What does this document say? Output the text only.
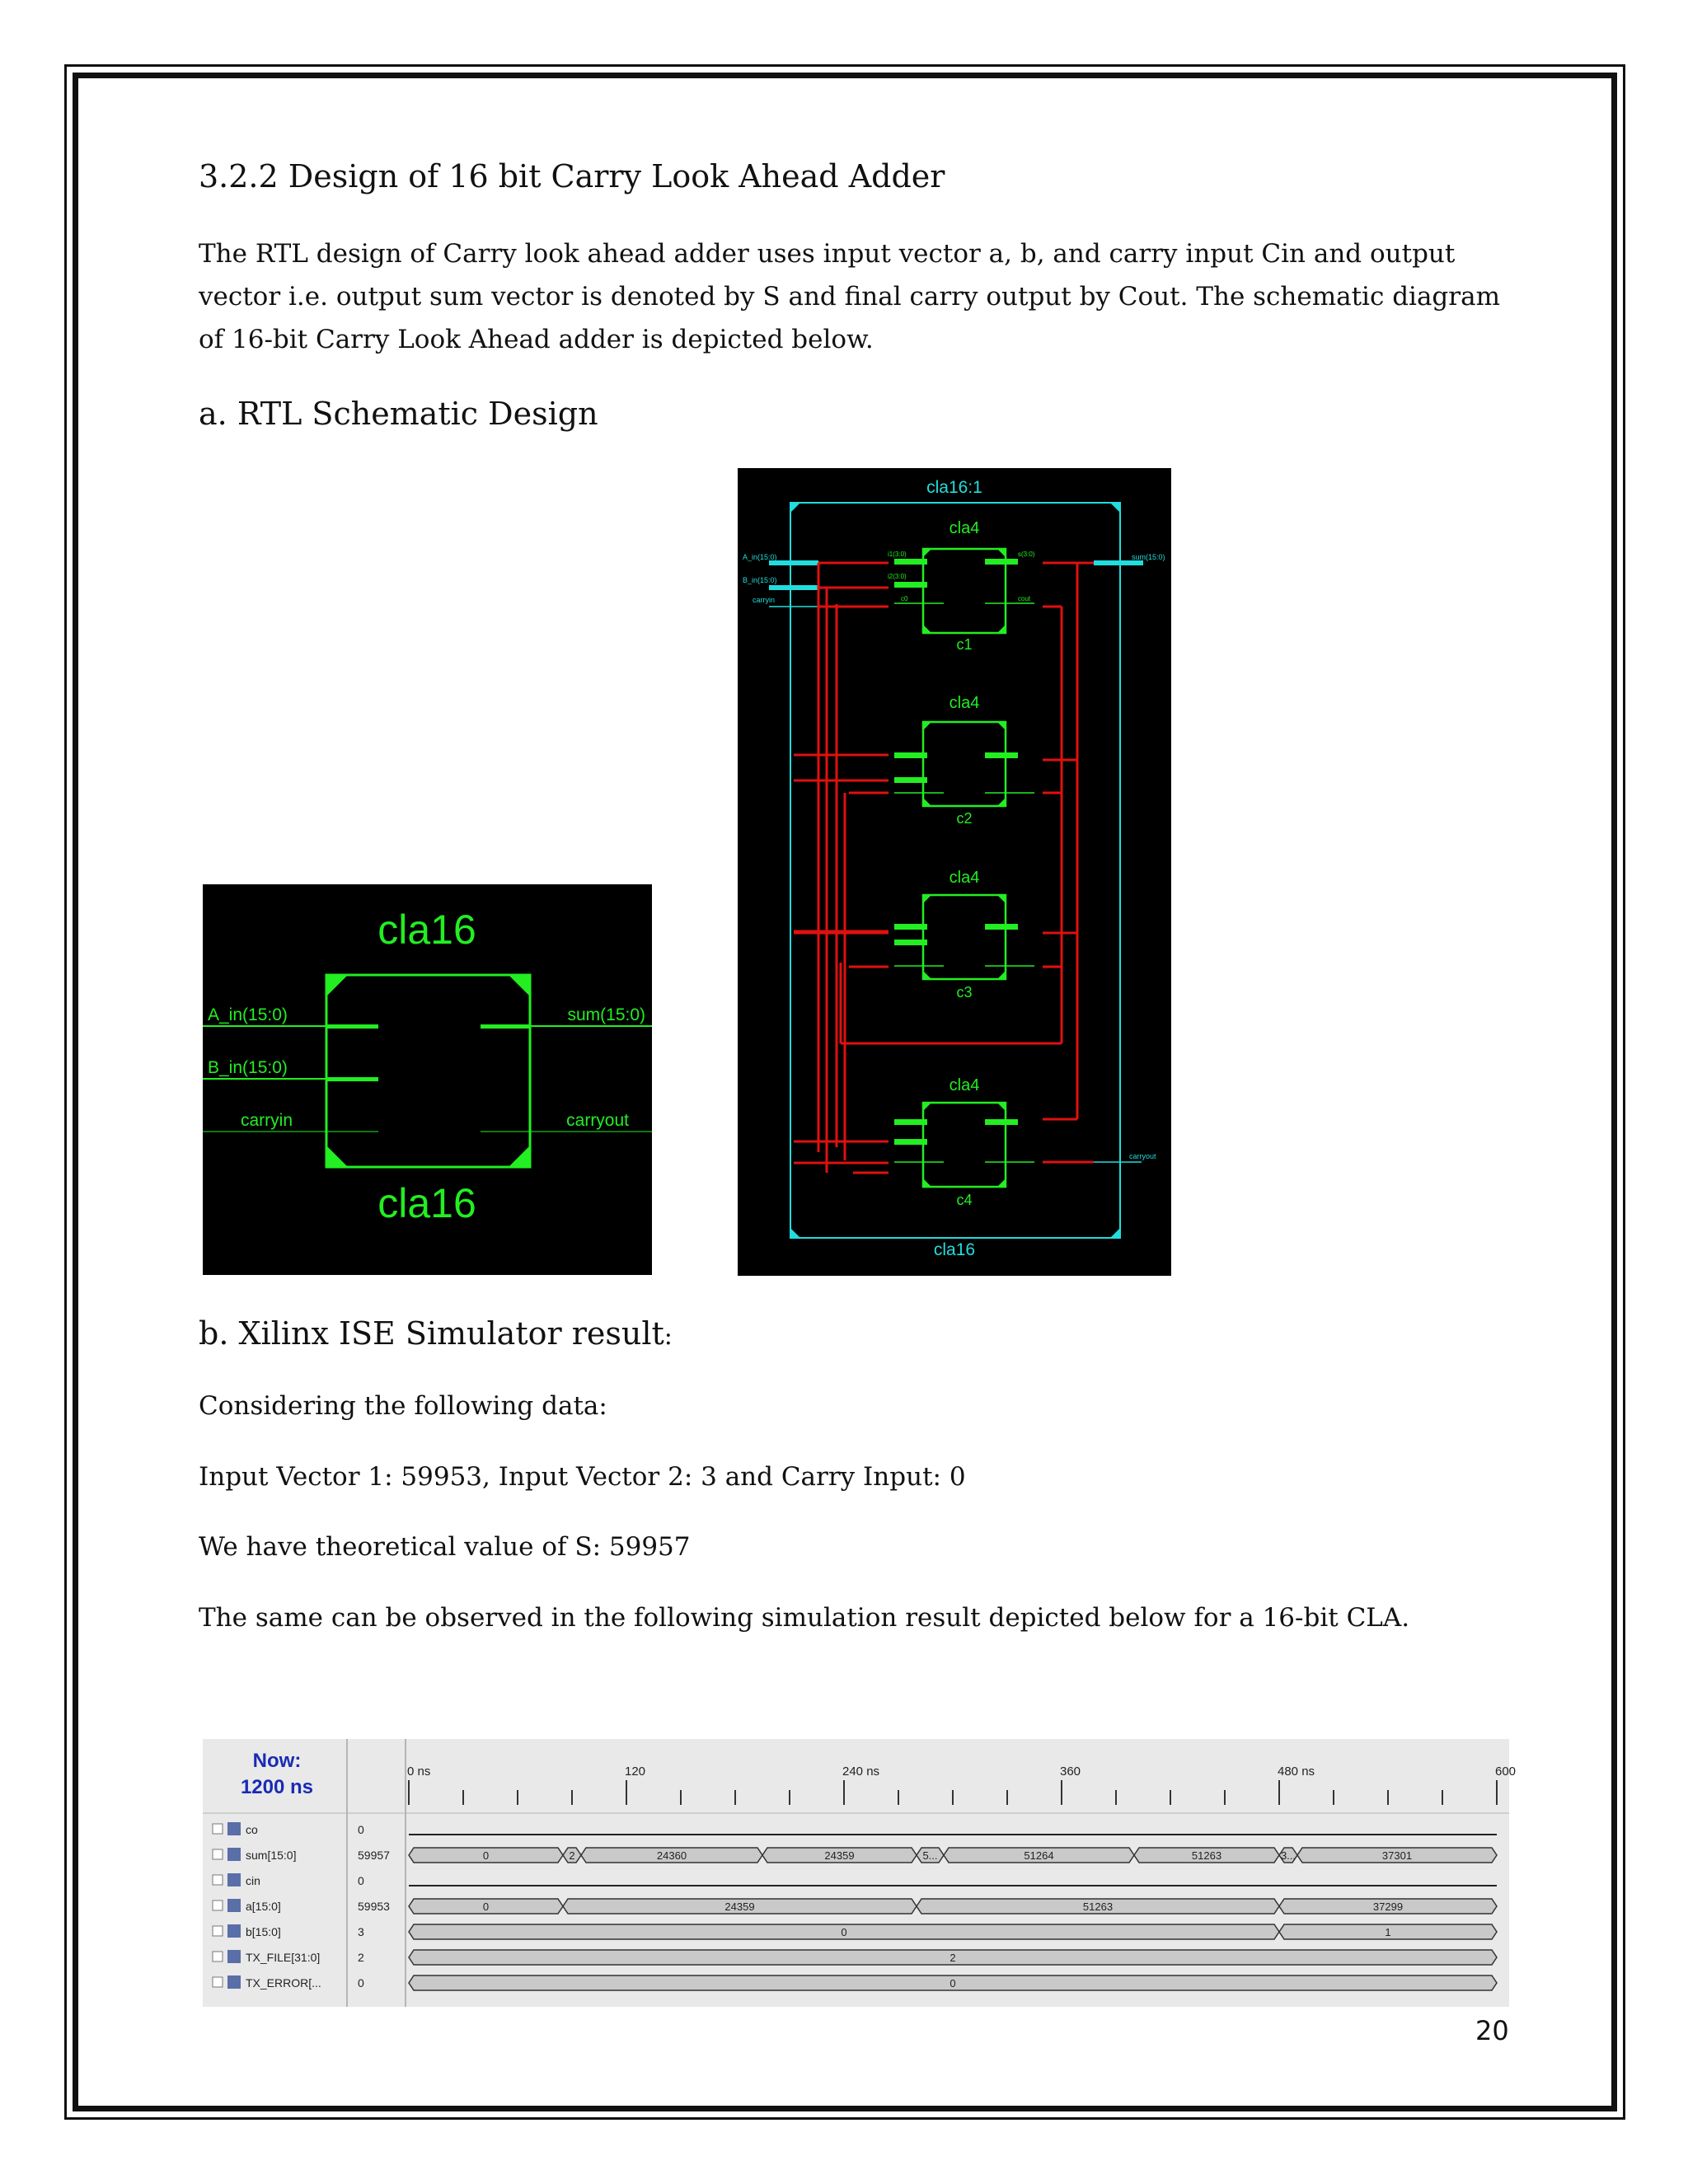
3.2.2 Design of 16 bit Carry Look Ahead Adder
The RTL design of Carry look ahead adder uses input vector a, b, and carry input Cin and output vector i.e. output sum vector is denoted by S and final carry output by Cout. The schematic diagram of 16-bit Carry Look Ahead adder is depicted below.
a. RTL Schematic Design
cla16
A_in(15:0)
B_in(15:0)
carryin
sum(15:0)
carryout
cla16
cla16:1
cla16
A_in(15:0)
B_in(15:0)
carryin
sum(15:0)
carryout
cla4
c1
cla4
c2
cla4
c3
cla4
c4
i1(3:0)
i2(3:0)
c0
s(3:0)
cout
b. Xilinx ISE Simulator result:
Considering the following data:
Input Vector 1: 59953, Input Vector 2: 3 and Carry Input: 0
We have theoretical value of S: 59957
The same can be observed in the following simulation result depicted below for a 16-bit CLA.
Now:
1200 ns
0 ns	120	240 ns	360	480 ns	600
co	0
sum[15:0]	59957	0	2	24360	24359	5...	51264	51263	3...	37301
cin	0
a[15:0]	59953	0	24359	51263	37299
b[15:0]	3	0	1
TX_FILE[31:0]	2	2
TX_ERROR[...	0	0
20
